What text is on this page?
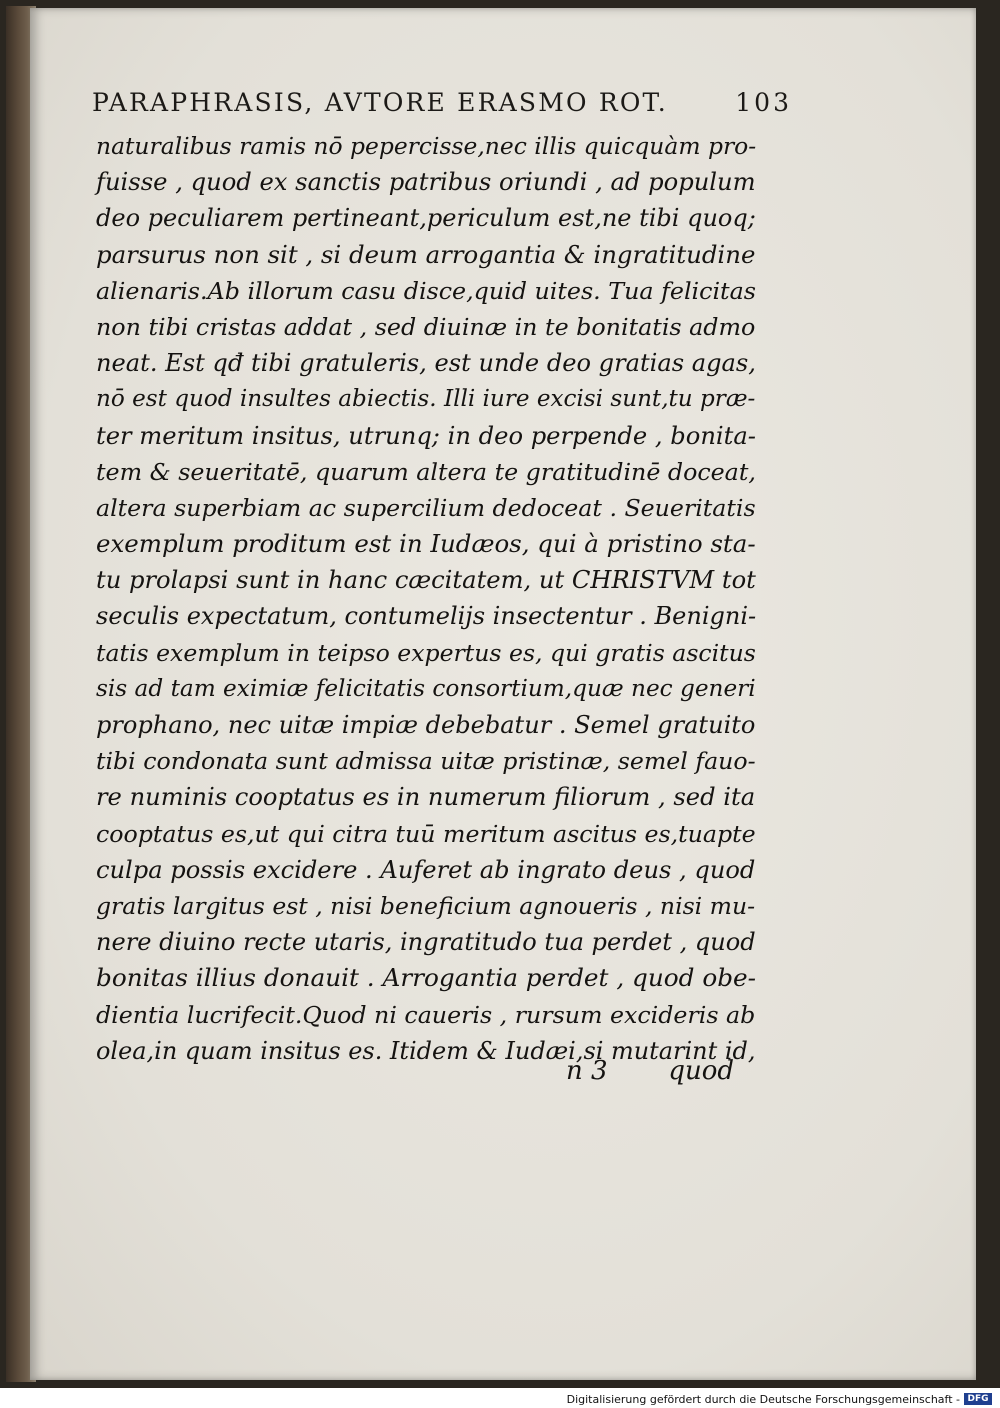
PARAPHRASIS, AVTORE ERASMO ROT.	103
naturalibus ramis nō pepercisse,nec illis quicquàm pro-
fuisse , quod ex sanctis patribus oriundi , ad populum
deo peculiarem pertineant,periculum est,ne tibi quoq;
parsurus non sit , si deum arrogantia & ingratitudine
alienaris.Ab illorum casu disce,quid uites. Tua felicitas
non tibi cristas addat , sed diuinæ in te bonitatis admo
neat. Est qđ tibi gratuleris, est unde deo gratias agas,
nō est quod insultes abiectis. Illi iure excisi sunt,tu præ-
ter meritum insitus, utrunq; in deo perpende , bonita-
tem & seueritatē, quarum altera te gratitudinē doceat,
altera superbiam ac supercilium dedoceat . Seueritatis
exemplum proditum est in Iudæos, qui à pristino sta-
tu prolapsi sunt in hanc cæcitatem, ut CHRISTVM tot
seculis expectatum, contumelijs insectentur . Benigni-
tatis exemplum in teipso expertus es, qui gratis ascitus
sis ad tam eximiæ felicitatis consortium,quæ nec generi
prophano, nec uitæ impiæ debebatur . Semel gratuito
tibi condonata sunt admissa uitæ pristinæ, semel fauo-
re numinis cooptatus es in numerum filiorum , sed ita
cooptatus es,ut qui citra tuū meritum ascitus es,tuapte
culpa possis excidere . Auferet ab ingrato deus , quod
gratis largitus est , nisi beneficium agnoueris , nisi mu-
nere diuino recte utaris, ingratitudo tua perdet , quod
bonitas illius donauit . Arrogantia perdet , quod obe-
dientia lucrifecit.Quod ni caueris , rursum excideris ab
olea,in quam insitus es. Itidem & Iudæi,si mutarint id,
n 3 quod
Digitalisierung gefördert durch die Deutsche Forschungsgemeinschaft - DFG
